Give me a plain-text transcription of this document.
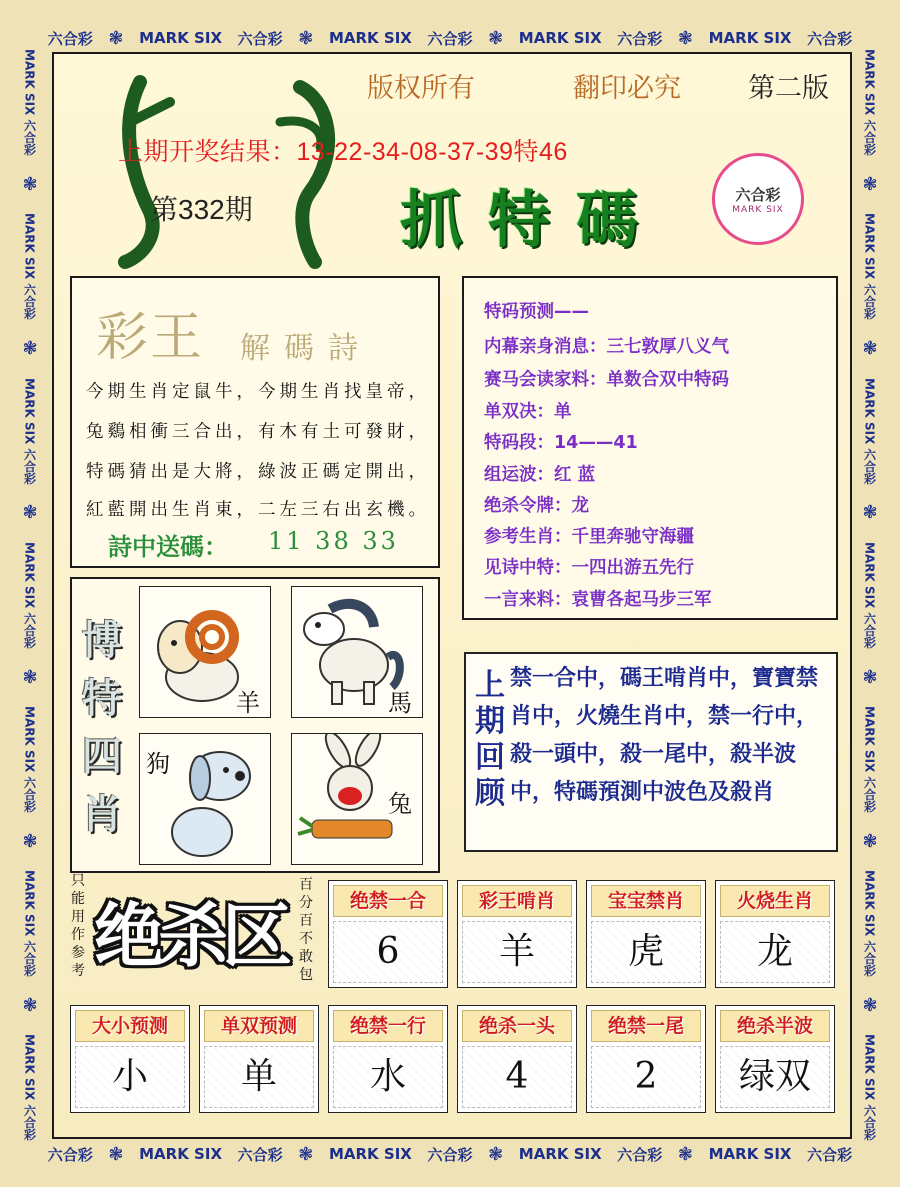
六合彩 ❃ MARK SIX 六合彩 ❃ MARK SIX 六合彩 ❃ MARK SIX 六合彩 ❃ MARK SIX 六合彩
六合彩 ❃ MARK SIX 六合彩 ❃ MARK SIX 六合彩 ❃ MARK SIX 六合彩 ❃ MARK SIX 六合彩
MARK SIX 六合彩
❃
MARK SIX 六合彩
❃
MARK SIX 六合彩
❃
MARK SIX 六合彩
❃
MARK SIX 六合彩
❃
MARK SIX 六合彩
❃
MARK SIX 六合彩
MARK SIX 六合彩
❃
MARK SIX 六合彩
❃
MARK SIX 六合彩
❃
MARK SIX 六合彩
❃
MARK SIX 六合彩
❃
MARK SIX 六合彩
❃
MARK SIX 六合彩
版权所有	翻印必究 第二版
上期开奖结果：13-22-34-08-37-39特46
第332期 抓特碼	六合彩
MARK SIX
彩王 解碼詩
今期生肖定鼠牛，今期生肖找皇帝，
兔鷄相衝三合出，有木有土可發財，
特碼猜出是大將，綠波正碼定開出，
紅藍開出生肖東，二左三右出玄機。
詩中送碼： 11 38 33
特码预测——
内幕亲身消息：三七敦厚八义气
赛马会读家料：单数合双中特码
单双决：单
特码段：14——41
组运波：红 蓝
绝杀令牌：龙
参考生肖：千里奔驰守海疆
见诗中特：一四出游五先行
一言来料：袁曹各起马步三军
博特四肖
羊	馬
狗
兔
上期回顾
禁一合中，碼王啃肖中，寶寶禁肖中，火燒生肖中，禁一行中，殺一頭中，殺一尾中，殺半波中，特碼預測中波色及殺肖
只能用作参考 绝杀区
百分百不敢包
绝禁一合
6
彩王啃肖
羊
宝宝禁肖
虎
火烧生肖
龙
大小预测
小
单双预测
单
绝禁一行
水
绝杀一头
4
绝禁一尾
2
绝杀半波
绿双
